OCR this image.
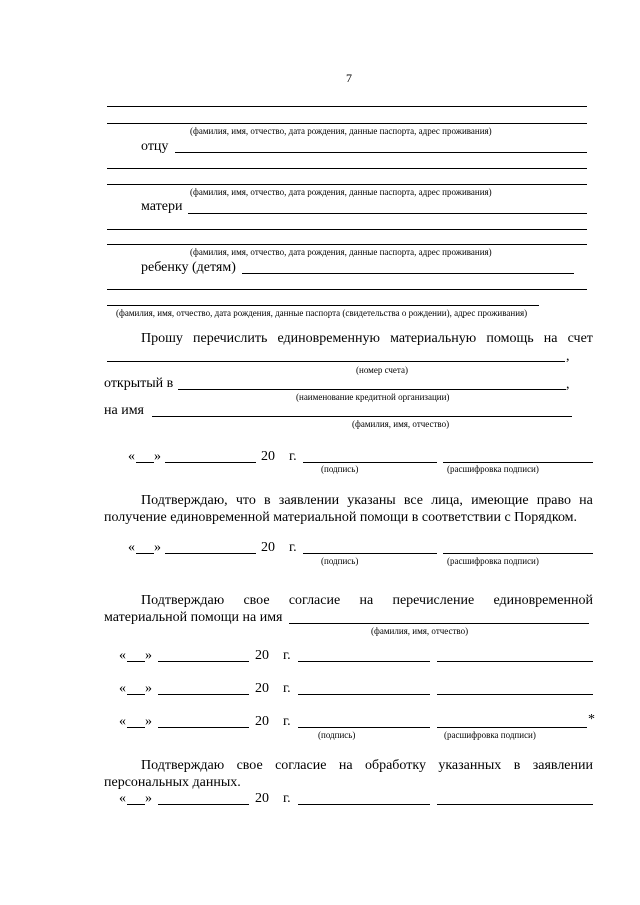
7
(фамилия, имя, отчество, дата рождения, данные паспорта, адрес проживания)
отцу
(фамилия, имя, отчество, дата рождения, данные паспорта, адрес проживания)
матери
(фамилия, имя, отчество, дата рождения, данные паспорта, адрес проживания)
ребенку (детям)
(фамилия, имя, отчество, дата рождения, данные паспорта (свидетельства о рождении), адрес проживания)
Прошу перечислить единовременную материальную помощь на счет
,
(номер счета)
открытый в	,
(наименование кредитной организации)
на имя
(фамилия, имя, отчество)
« »	20 г.
(подпись)	(расшифровка подписи)
Подтверждаю, что в заявлении указаны все лица, имеющие право на
получение единовременной материальной помощи в соответствии с Порядком.
« »	20 г.
(подпись)	(расшифровка подписи)
Подтверждаю свое согласие на перечисление единовременной
материальной помощи на имя
(фамилия, имя, отчество)
« »	20 г.
« »	20 г.
« »	20 г.	*
(подпись)	(расшифровка подписи)
Подтверждаю свое согласие на обработку указанных в заявлении
персональных данных.
« »	20 г.
